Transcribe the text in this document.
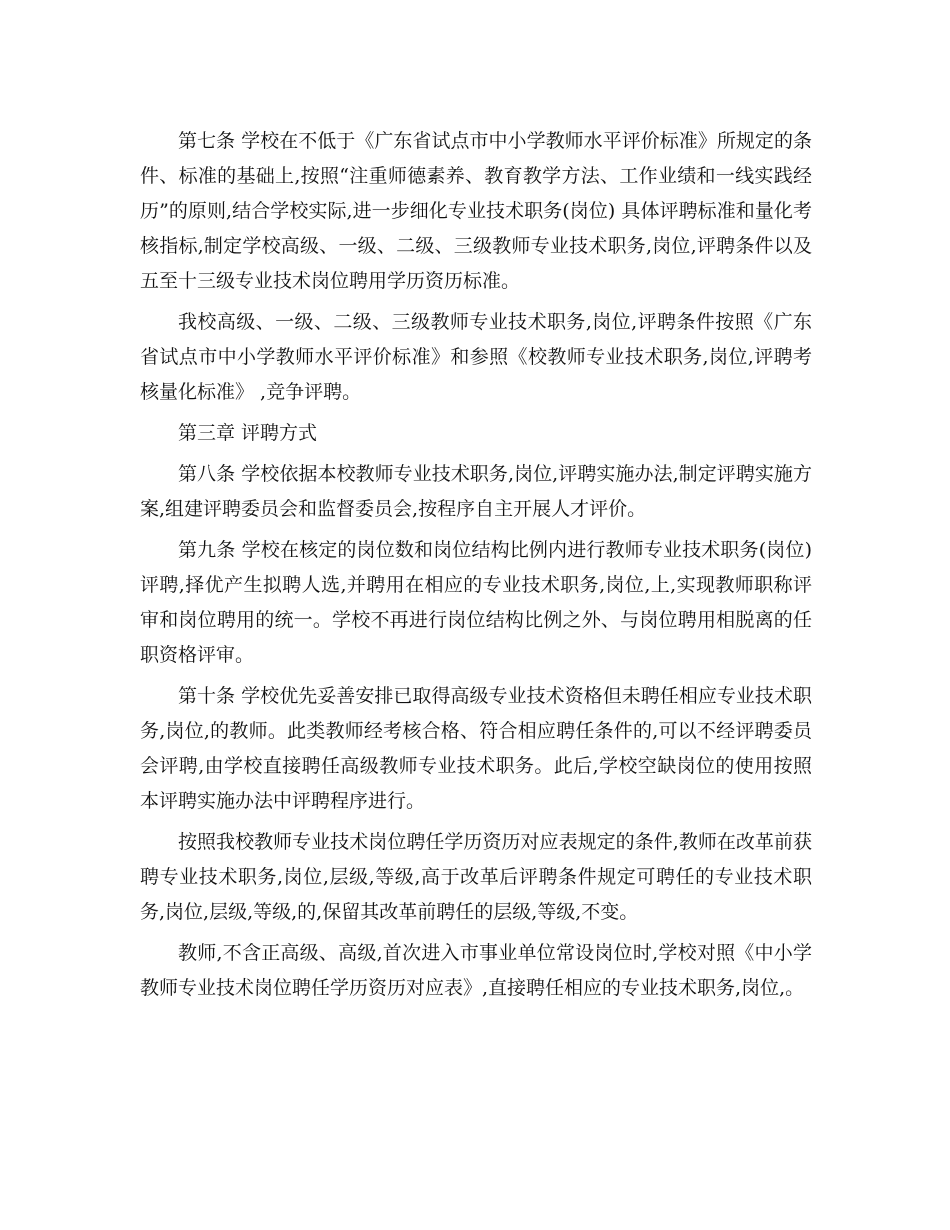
第七条 学校在不低于《广东省试点市中小学教师水平评价标准》所规定的条件、标准的基础上,按照“注重师德素养、教育教学方法、工作业绩和一线实践经历”的原则,结合学校实际,进一步细化专业技术职务(岗位) 具体评聘标准和量化考核指标,制定学校高级、一级、二级、三级教师专业技术职务,岗位,评聘条件以及五至十三级专业技术岗位聘用学历资历标准。

我校高级、一级、二级、三级教师专业技术职务,岗位,评聘条件按照《广东省试点市中小学教师水平评价标准》和参照《校教师专业技术职务,岗位,评聘考核量化标准》 ,竞争评聘。

第三章 评聘方式

第八条 学校依据本校教师专业技术职务,岗位,评聘实施办法,制定评聘实施方案,组建评聘委员会和监督委员会,按程序自主开展人才评价。

第九条 学校在核定的岗位数和岗位结构比例内进行教师专业技术职务(岗位) 评聘,择优产生拟聘人选,并聘用在相应的专业技术职务,岗位,上,实现教师职称评审和岗位聘用的统一。学校不再进行岗位结构比例之外、与岗位聘用相脱离的任职资格评审。

第十条 学校优先妥善安排已取得高级专业技术资格但未聘任相应专业技术职务,岗位,的教师。此类教师经考核合格、符合相应聘任条件的,可以不经评聘委员会评聘,由学校直接聘任高级教师专业技术职务。此后,学校空缺岗位的使用按照本评聘实施办法中评聘程序进行。

按照我校教师专业技术岗位聘任学历资历对应表规定的条件,教师在改革前获聘专业技术职务,岗位,层级,等级,高于改革后评聘条件规定可聘任的专业技术职务,岗位,层级,等级,的,保留其改革前聘任的层级,等级,不变。

教师,不含正高级、高级,首次进入市事业单位常设岗位时,学校对照《中小学教师专业技术岗位聘任学历资历对应表》,直接聘任相应的专业技术职务,岗位,。
